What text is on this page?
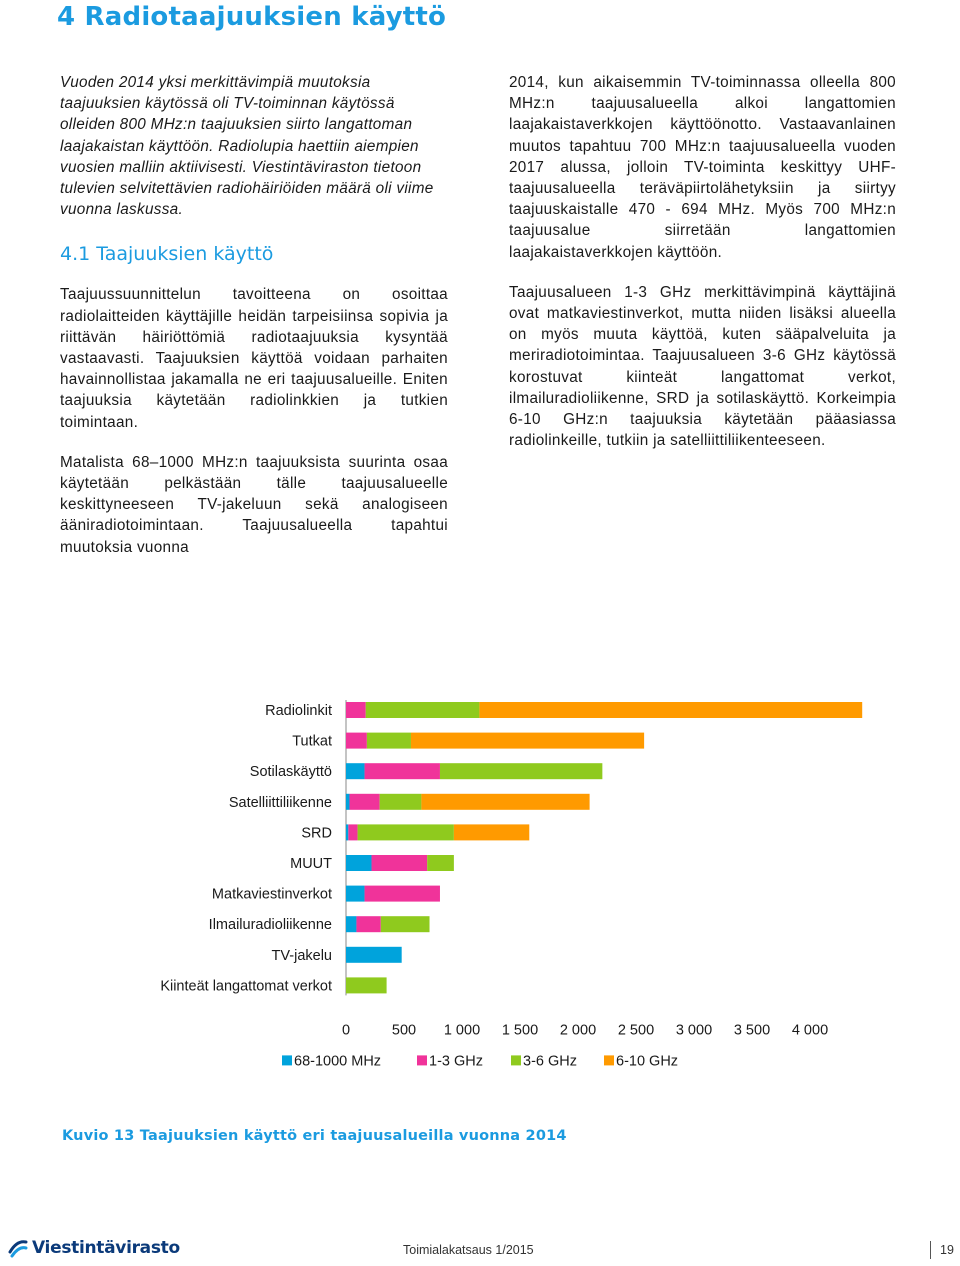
4 Radiotaajuuksien käyttö

Vuoden 2014 yksi merkittävimpiä muutoksia taajuuksien käytössä oli TV-toiminnan käytössä olleiden 800 MHz:n taajuuksien siirto langattoman laajakaistan käyttöön. Radiolupia haettiin aiempien vuosien malliin aktiivisesti. Viestintäviraston tietoon tulevien selvitettävien radiohäiriöiden määrä oli viime vuonna laskussa.

4.1 Taajuuksien käyttö

Taajuussuunnittelun tavoitteena on osoittaa radiolaitteiden käyttäjille heidän tarpeisiinsa sopivia ja riittävän häiriöttömiä radiotaajuuksia kysyntää vastaavasti. Taajuuksien käyttöä voidaan parhaiten havainnollistaa jakamalla ne eri taajuusalueille. Eniten taajuuksia käytetään radiolinkkien ja tutkien toimintaan.

Matalista 68–1000 MHz:n taajuuksista suurinta osaa käytetään pelkästään tälle taajuusalueelle keskittyneeseen TV-jakeluun sekä analogiseen ääniradiotoimintaan. Taajuusalueella tapahtui muutoksia vuonna

2014, kun aikaisemmin TV-toiminnassa olleella 800 MHz:n taajuusalueella alkoi langattomien laajakaistaverkkojen käyttöönotto. Vastaavanlainen muutos tapahtuu 700 MHz:n taajuusalueella vuoden 2017 alussa, jolloin TV-toiminta keskittyy UHF-taajuusalueella teräväpiirtolähetyksiin ja siirtyy taajuuskaistalle 470 - 694 MHz. Myös 700 MHz:n taajuusalue siirretään langattomien laajakaistaverkkojen käyttöön.

Taajuusalueen 1-3 GHz merkittävimpinä käyttäjinä ovat matkaviestinverkot, mutta niiden lisäksi alueella on myös muuta käyttöä, kuten sääpalveluita ja meriradiotoimintaa. Taajuusalueen 3-6 GHz käytössä korostuvat kiinteät langattomat verkot, ilmailuradioliikenne, SRD ja sotilaskäyttö. Korkeimpia 6-10 GHz:n taajuuksia käytetään pääasiassa radiolinkeille, tutkiin ja satelliittiliikenteeseen.

Radiolinkit
Tutkat
Sotilaskäyttö
Satelliittiliikenne
SRD
MUUT
Matkaviestinverkot
Ilmailuradioliikenne
TV-jakelu
Kiinteät langattomat verkot
0	500 1 000 1 500 2 000 2 500 3 000 3 500 4 000
68-1000 MHz	1-3 GHz	3-6 GHz	6-10 GHz

Kuvio 13 Taajuuksien käyttö eri taajuusalueilla vuonna 2014

Viestintävirasto	Toimialakatsaus 1/2015	19
